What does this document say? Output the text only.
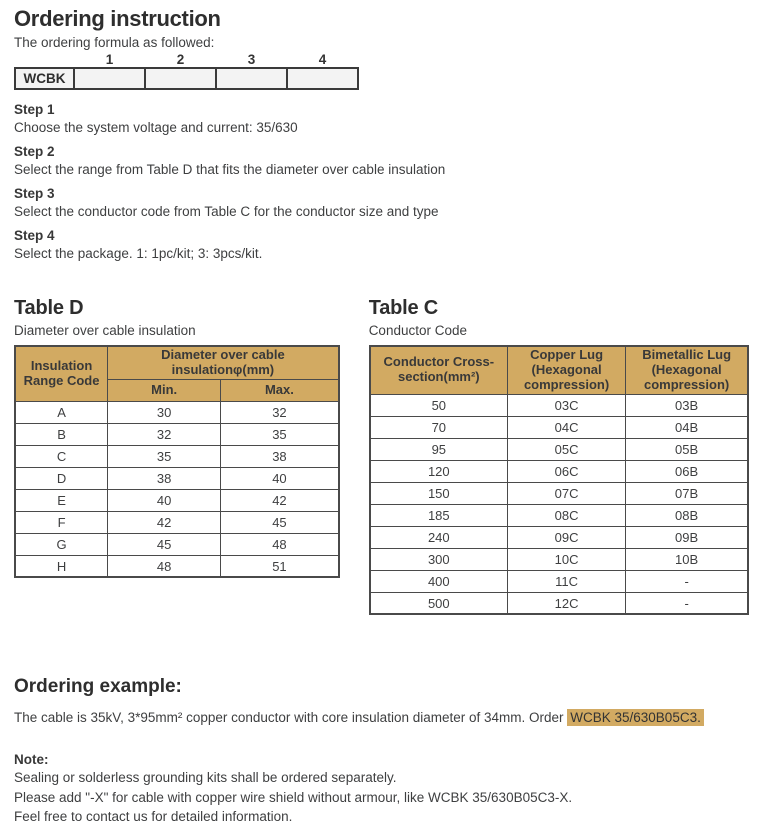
Ordering instruction

The ordering formula as followed:

	1	2	3	4
WCBK				

Step 1

Choose the system voltage and current: 35/630

Step 2

Select the range from Table D that fits the diameter over cable insulation

Step 3

Select the conductor code from Table C for the conductor size and type

Step 4

Select the package. 1: 1pc/kit; 3: 3pcs/kit.

Table D

Diameter over cable insulation

Insulation Range Code	Diameter over cable insulationφ(mm)	
	Min.	Max.
A	30	32
B	32	35
C	35	38
D	38	40
E	40	42
F	42	45
G	45	48
H	48	51
Table C

Conductor Code

Conductor Cross-section(mm²)	Copper Lug (Hexagonal compression)	Bimetallic Lug (Hexagonal compression)
50	03C	03B
70	04C	04B
95	05C	05B
120	06C	06B
150	07C	07B
185	08C	08B
240	09C	09B
300	10C	10B
400	11C	-
500	12C	-
Ordering example:

The cable is 35kV, 3*95mm² copper conductor with core insulation diameter of 34mm. Order WCBK 35/630B05C3.

Note:

Sealing or solderless grounding kits shall be ordered separately.

Please add "-X" for cable with copper wire shield without armour, like WCBK 35/630B05C3-X.

Feel free to contact us for detailed information.
